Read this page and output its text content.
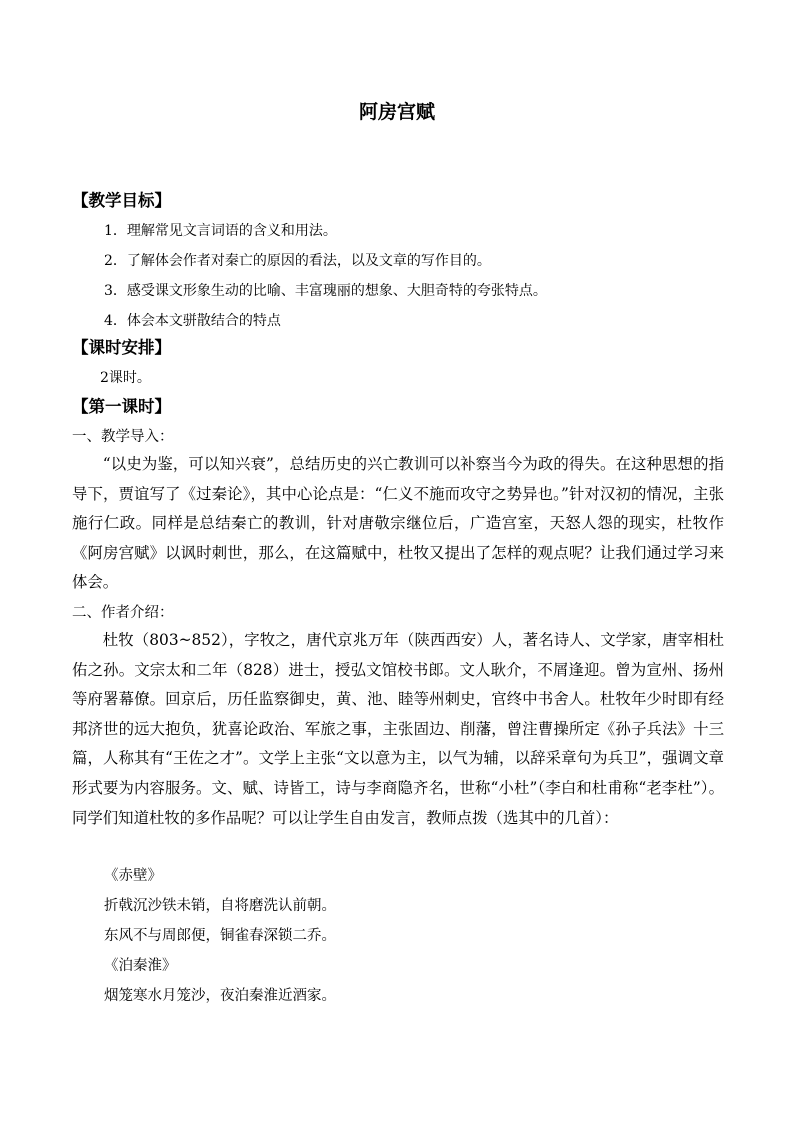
阿房宫赋
【教学目标】
1．理解常见文言词语的含义和用法。
2．了解体会作者对秦亡的原因的看法，以及文章的写作目的。
3．感受课文形象生动的比喻、丰富瑰丽的想象、大胆奇特的夸张特点。
4．体会本文骈散结合的特点
【课时安排】
2课时。
【第一课时】
一、教学导入：
“以史为鉴，可以知兴衰”，总结历史的兴亡教训可以补察当今为政的得失。在这种思想的指导下，贾谊写了《过秦论》，其中心论点是：“仁义不施而攻守之势异也。”针对汉初的情况，主张施行仁政。同样是总结秦亡的教训，针对唐敬宗继位后，广造宫室，天怒人怨的现实，杜牧作《阿房宫赋》以讽时刺世，那么，在这篇赋中，杜牧又提出了怎样的观点呢？让我们通过学习来体会。
二、作者介绍：
杜牧（803~852），字牧之，唐代京兆万年（陕西西安）人，著名诗人、文学家，唐宰相杜佑之孙。文宗太和二年（828）进士，授弘文馆校书郎。文人耿介，不屑逢迎。曾为宣州、扬州等府署幕僚。回京后，历任监察御史，黄、池、睦等州刺史，官终中书舍人。杜牧年少时即有经邦济世的远大抱负，犹喜论政治、军旅之事，主张固边、削藩，曾注曹操所定《孙子兵法》十三篇，人称其有“王佐之才”。文学上主张“文以意为主，以气为辅，以辞采章句为兵卫”，强调文章形式要为内容服务。文、赋、诗皆工，诗与李商隐齐名，世称“小杜”（李白和杜甫称“老李杜”）。同学们知道杜牧的多作品呢？可以让学生自由发言，教师点拨（选其中的几首）：
《赤壁》
折戟沉沙铁未销，自将磨洗认前朝。
东风不与周郎便，铜雀春深锁二乔。
《泊秦淮》
烟笼寒水月笼沙，夜泊秦淮近酒家。
